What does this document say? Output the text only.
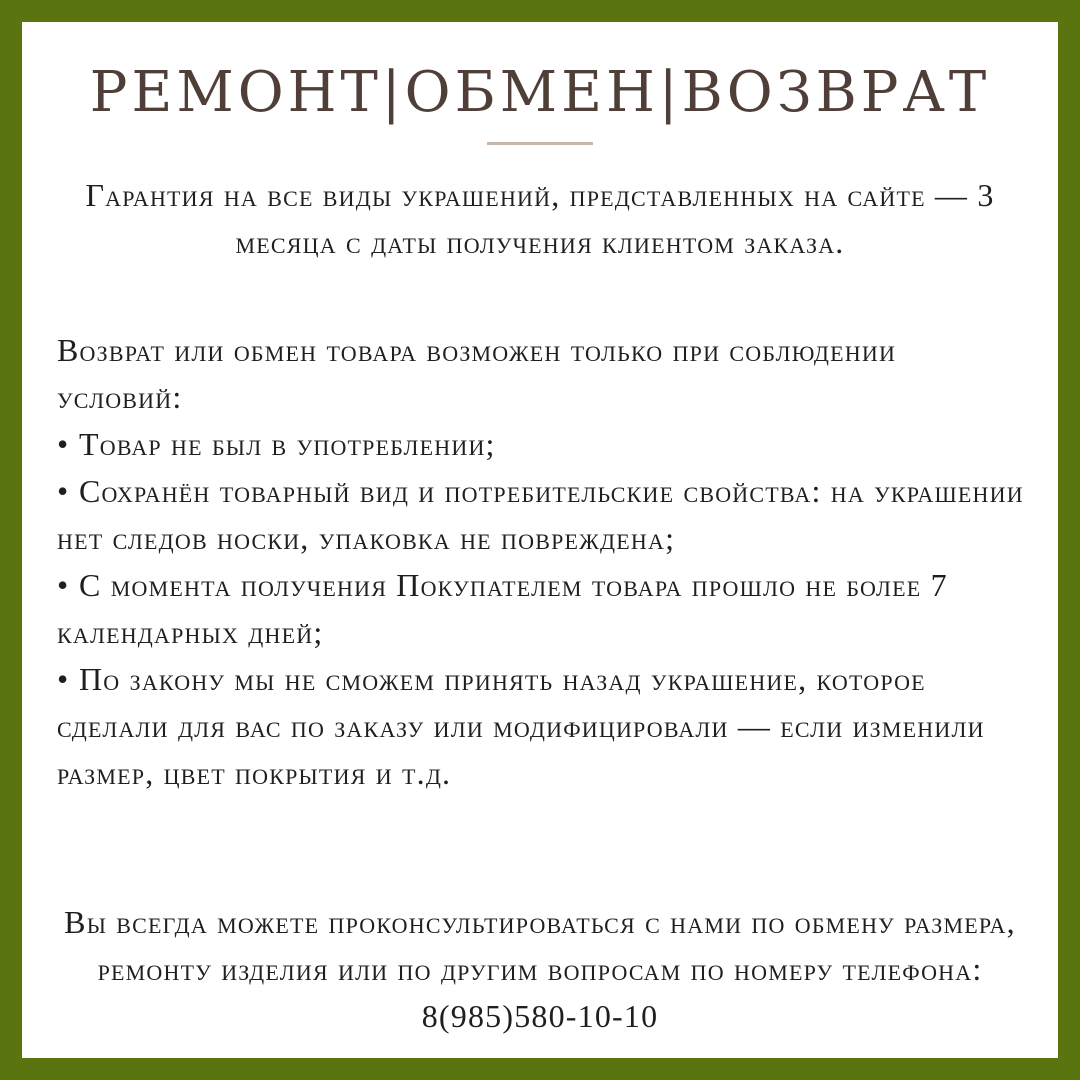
РЕМОНТ|ОБМЕН|ВОЗВРАТ

Гарантия на все виды украшений, представленных на сайте — 3 месяца с даты получения клиентом заказа.

Возврат или обмен товара возможен только при соблюдении условий:

• Товар не был в употреблении;

• Сохранён товарный вид и потребительские свойства: на украшении нет следов носки, упаковка не повреждена;

• С момента получения Покупателем товара прошло не более 7 календарных дней;

• По закону мы не сможем принять назад украшение, которое сделали для вас по заказу или модифицировали — если изменили размер, цвет покрытия и т.д.

Вы всегда можете проконсультироваться с нами по обмену размера, ремонту изделия или по другим вопросам по номеру телефона: 8(985)580-10-10
